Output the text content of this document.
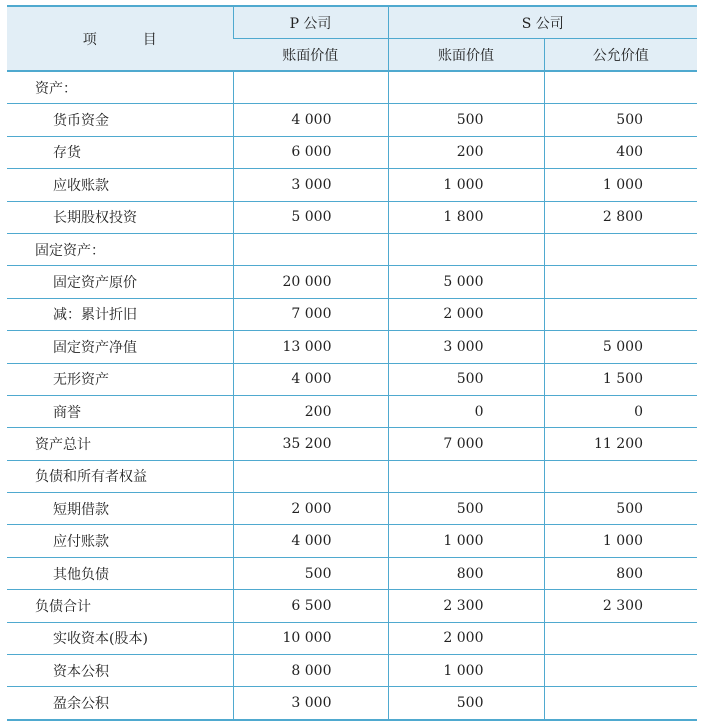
项 目	P 公司	S 公司	
	账面价值	账面价值	公允价值
资产：			
货币资金	4 000	500	500
存货	6 000	200	400
应收账款	3 000	1 000	1 000
长期股权投资	5 000	1 800	2 800
固定资产：			
固定资产原价	20 000	5 000	
减：累计折旧	7 000	2 000	
固定资产净值	13 000	3 000	5 000
无形资产	4 000	500	1 500
商誉	200	0	0
资产总计	35 200	7 000	11 200
负债和所有者权益			
短期借款	2 000	500	500
应付账款	4 000	1 000	1 000
其他负债	500	800	800
负债合计	6 500	2 300	2 300
实收资本(股本)	10 000	2 000	
资本公积	8 000	1 000	
盈余公积	3 000	500	
